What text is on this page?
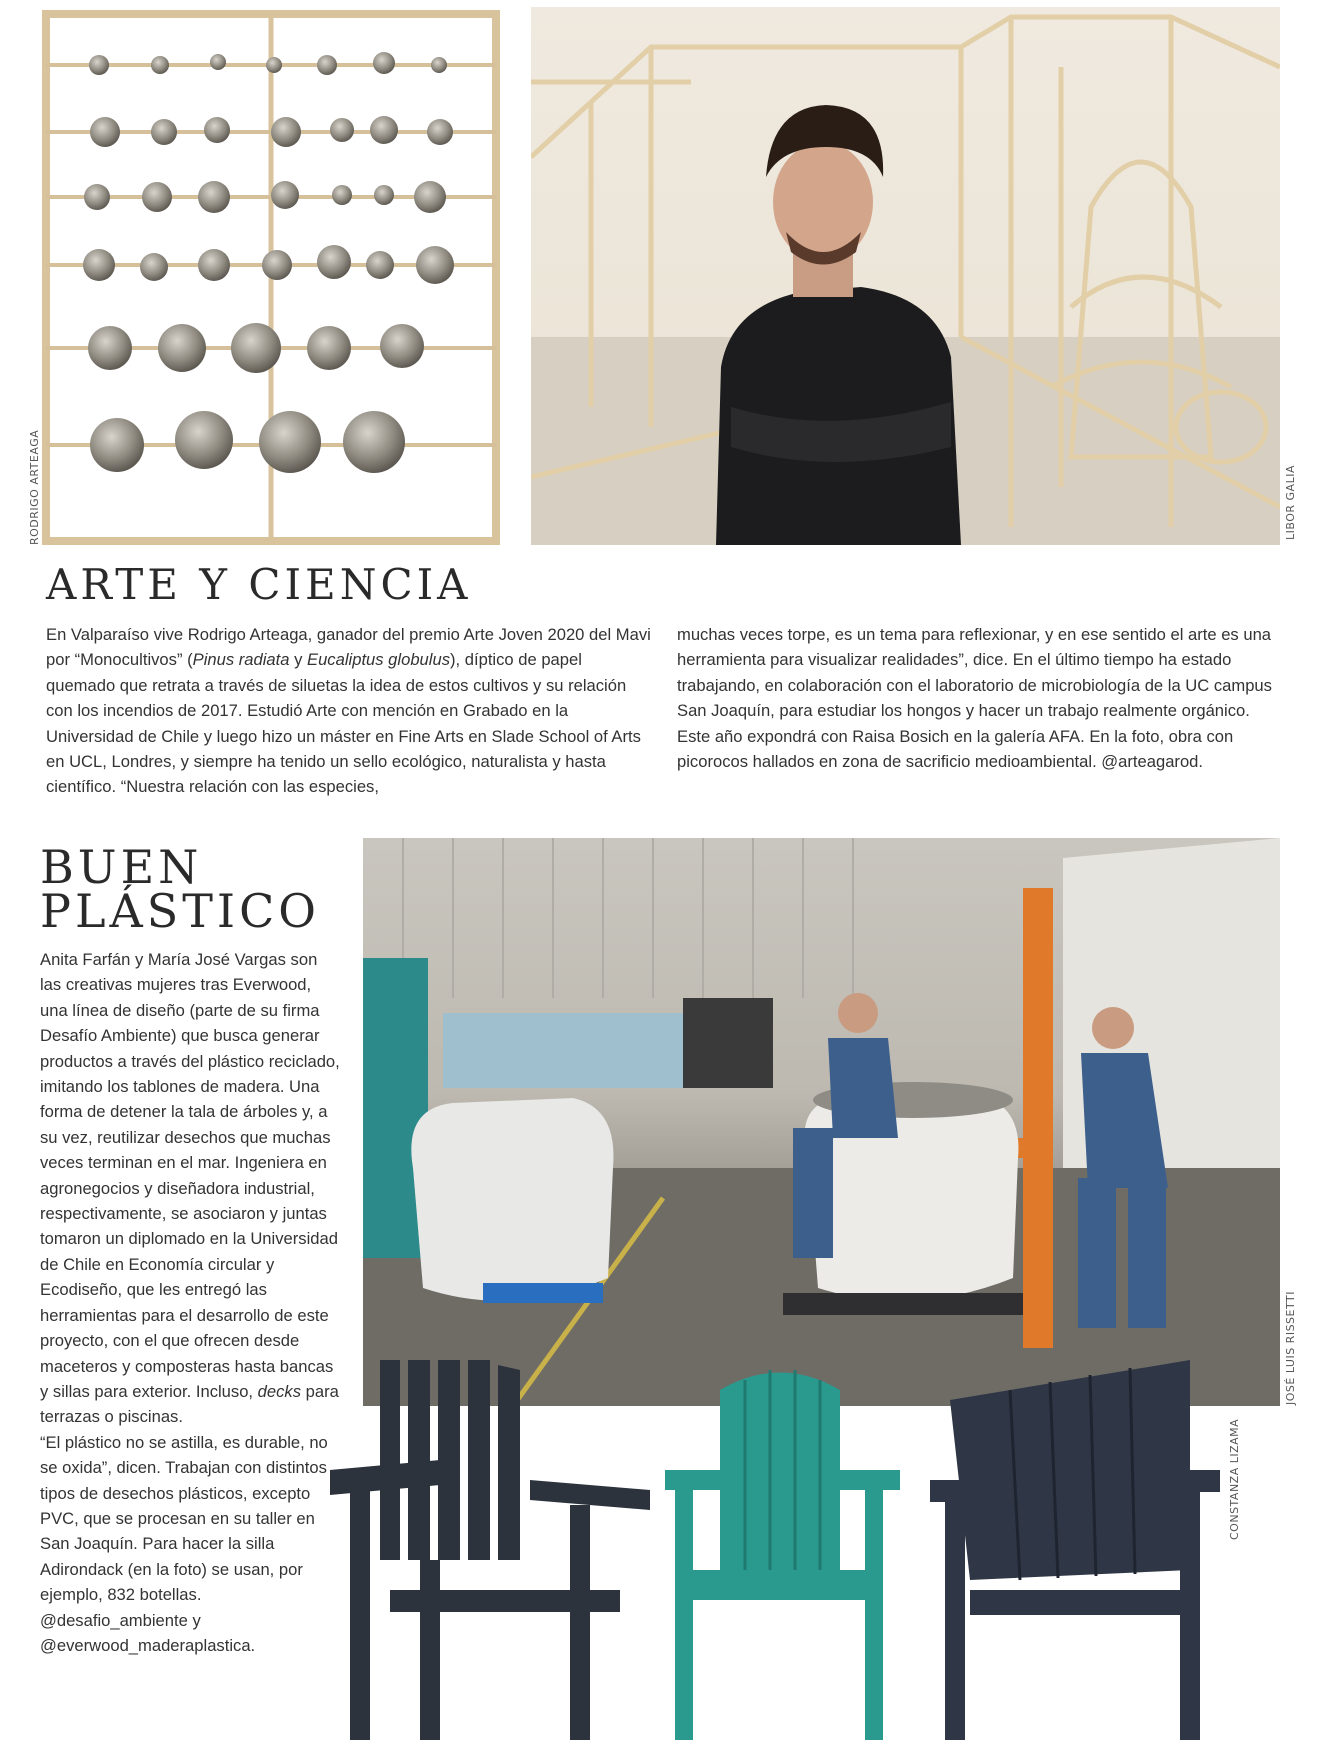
RODRIGO ARTEAGA	LIBOR GALIA
ARTE Y CIENCIA

En Valparaíso vive Rodrigo Arteaga, ganador del premio Arte Joven 2020 del Mavi por “Monocultivos” (Pinus radiata y Eucaliptus globulus), díptico de papel quemado que retrata a través de siluetas la idea de estos cultivos y su relación con los incendios de 2017. Estudió Arte con mención en Grabado en la Universidad de Chile y luego hizo un máster en Fine Arts en Slade School of Arts en UCL, Londres, y siempre ha tenido un sello ecológico, naturalista y hasta científico. “Nuestra relación con las especies,

muchas veces torpe, es un tema para reflexionar, y en ese sentido el arte es una herramienta para visualizar realidades”, dice. En el último tiempo ha estado trabajando, en colaboración con el laboratorio de microbiología de la UC campus San Joaquín, para estudiar los hongos y hacer un trabajo realmente orgánico. Este año expondrá con Raisa Bosich en la galería AFA. En la foto, obra con picorocos hallados en zona de sacrificio medioambiental. @arteagarod.

BUEN
PLÁSTICO

Anita Farfán y María José Vargas son las creativas mujeres tras Everwood, una línea de diseño (parte de su firma Desafío Ambiente) que busca generar productos a través del plástico reciclado, imitando los tablones de madera. Una forma de detener la tala de árboles y, a su vez, reutilizar desechos que muchas veces terminan en el mar. Ingeniera en agronegocios y diseñadora industrial, respectivamente, se asociaron y juntas tomaron un diplomado en la Universidad de Chile en Economía circular y Ecodiseño, que les entregó las herramientas para el desarrollo de este proyecto, con el que ofrecen desde maceteros y composteras hasta bancas y sillas para exterior. Incluso, decks para terrazas o piscinas.

“El plástico no se astilla, es durable, no se oxida”, dicen. Trabajan con distintos tipos de desechos plásticos, excepto PVC, que se procesan en su taller en San Joaquín. Para hacer la silla Adirondack (en la foto) se usan, por ejemplo, 832 botellas. @desafio_ambiente y @everwood_maderaplastica.

JOSÉ LUIS RISSETTI
CONSTANZA LIZAMA
